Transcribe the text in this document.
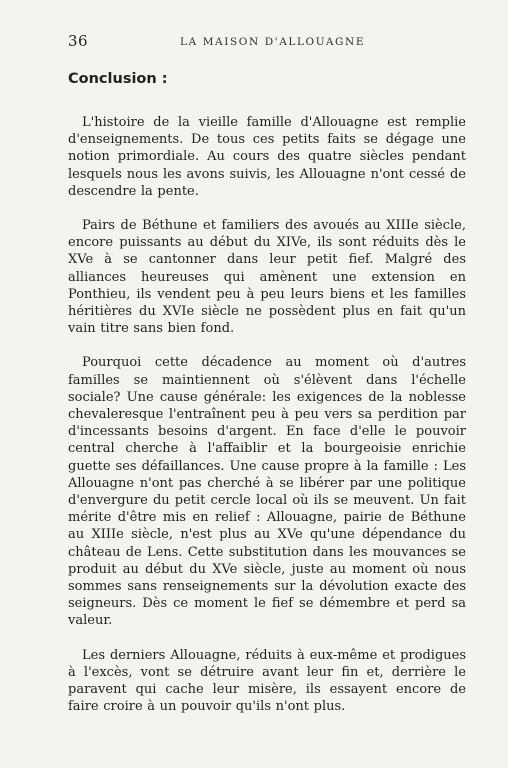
36	LA MAISON D'ALLOUAGNE
Conclusion :

L'histoire de la vieille famille d'Allouagne est remplie d'enseignements. De tous ces petits faits se dégage une notion primordiale. Au cours des quatre siècles pendant lesquels nous les avons suivis, les Allouagne n'ont cessé de descendre la pente.

Pairs de Béthune et familiers des avoués au XIIIe siècle, encore puissants au début du XIVe, ils sont réduits dès le XVe à se cantonner dans leur petit fief. Malgré des alliances heureuses qui amènent une extension en Ponthieu, ils vendent peu à peu leurs biens et les familles héritières du XVIe siècle ne possèdent plus en fait qu'un vain titre sans bien fond.

Pourquoi cette décadence au moment où d'autres familles se maintiennent où s'élèvent dans l'échelle sociale? Une cause générale: les exigences de la noblesse chevaleresque l'entraînent peu à peu vers sa perdition par d'incessants besoins d'argent. En face d'elle le pouvoir central cherche à l'affaiblir et la bourgeoisie enrichie guette ses défaillances. Une cause propre à la famille : Les Allouagne n'ont pas cherché à se libérer par une politique d'envergure du petit cercle local où ils se meuvent. Un fait mérite d'être mis en relief : Allouagne, pairie de Béthune au XIIIe siècle, n'est plus au XVe qu'une dépendance du château de Lens. Cette substitution dans les mouvances se produit au début du XVe siècle, juste au moment où nous sommes sans renseignements sur la dévolution exacte des seigneurs. Dès ce moment le fief se démembre et perd sa valeur.

Les derniers Allouagne, réduits à eux-même et prodigues à l'excès, vont se détruire avant leur fin et, derrière le paravent qui cache leur misère, ils essayent encore de faire croire à un pouvoir qu'ils n'ont plus.
